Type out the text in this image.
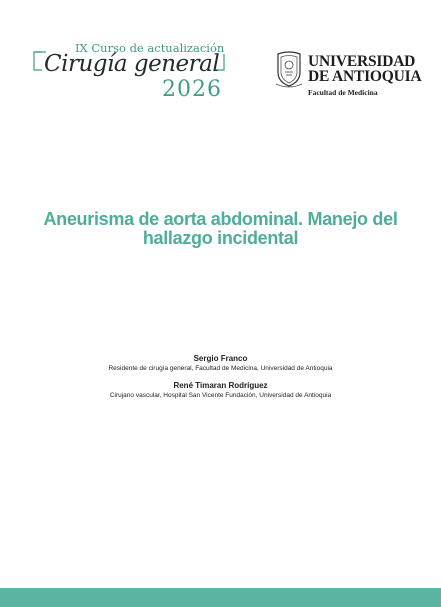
IX Curso de actualización
Cirugía general
2026
UNIVERSIDAD
DE ANTIOQUIA
Facultad de Medicina
Aneurisma de aorta abdominal. Manejo del hallazgo incidental
Sergio Franco
Residente de cirugía general, Facultad de Medicina, Universidad de Antioquia
René Timaran Rodríguez
Cirujano vascular, Hospital San Vicente Fundación, Universidad de Antioquia
